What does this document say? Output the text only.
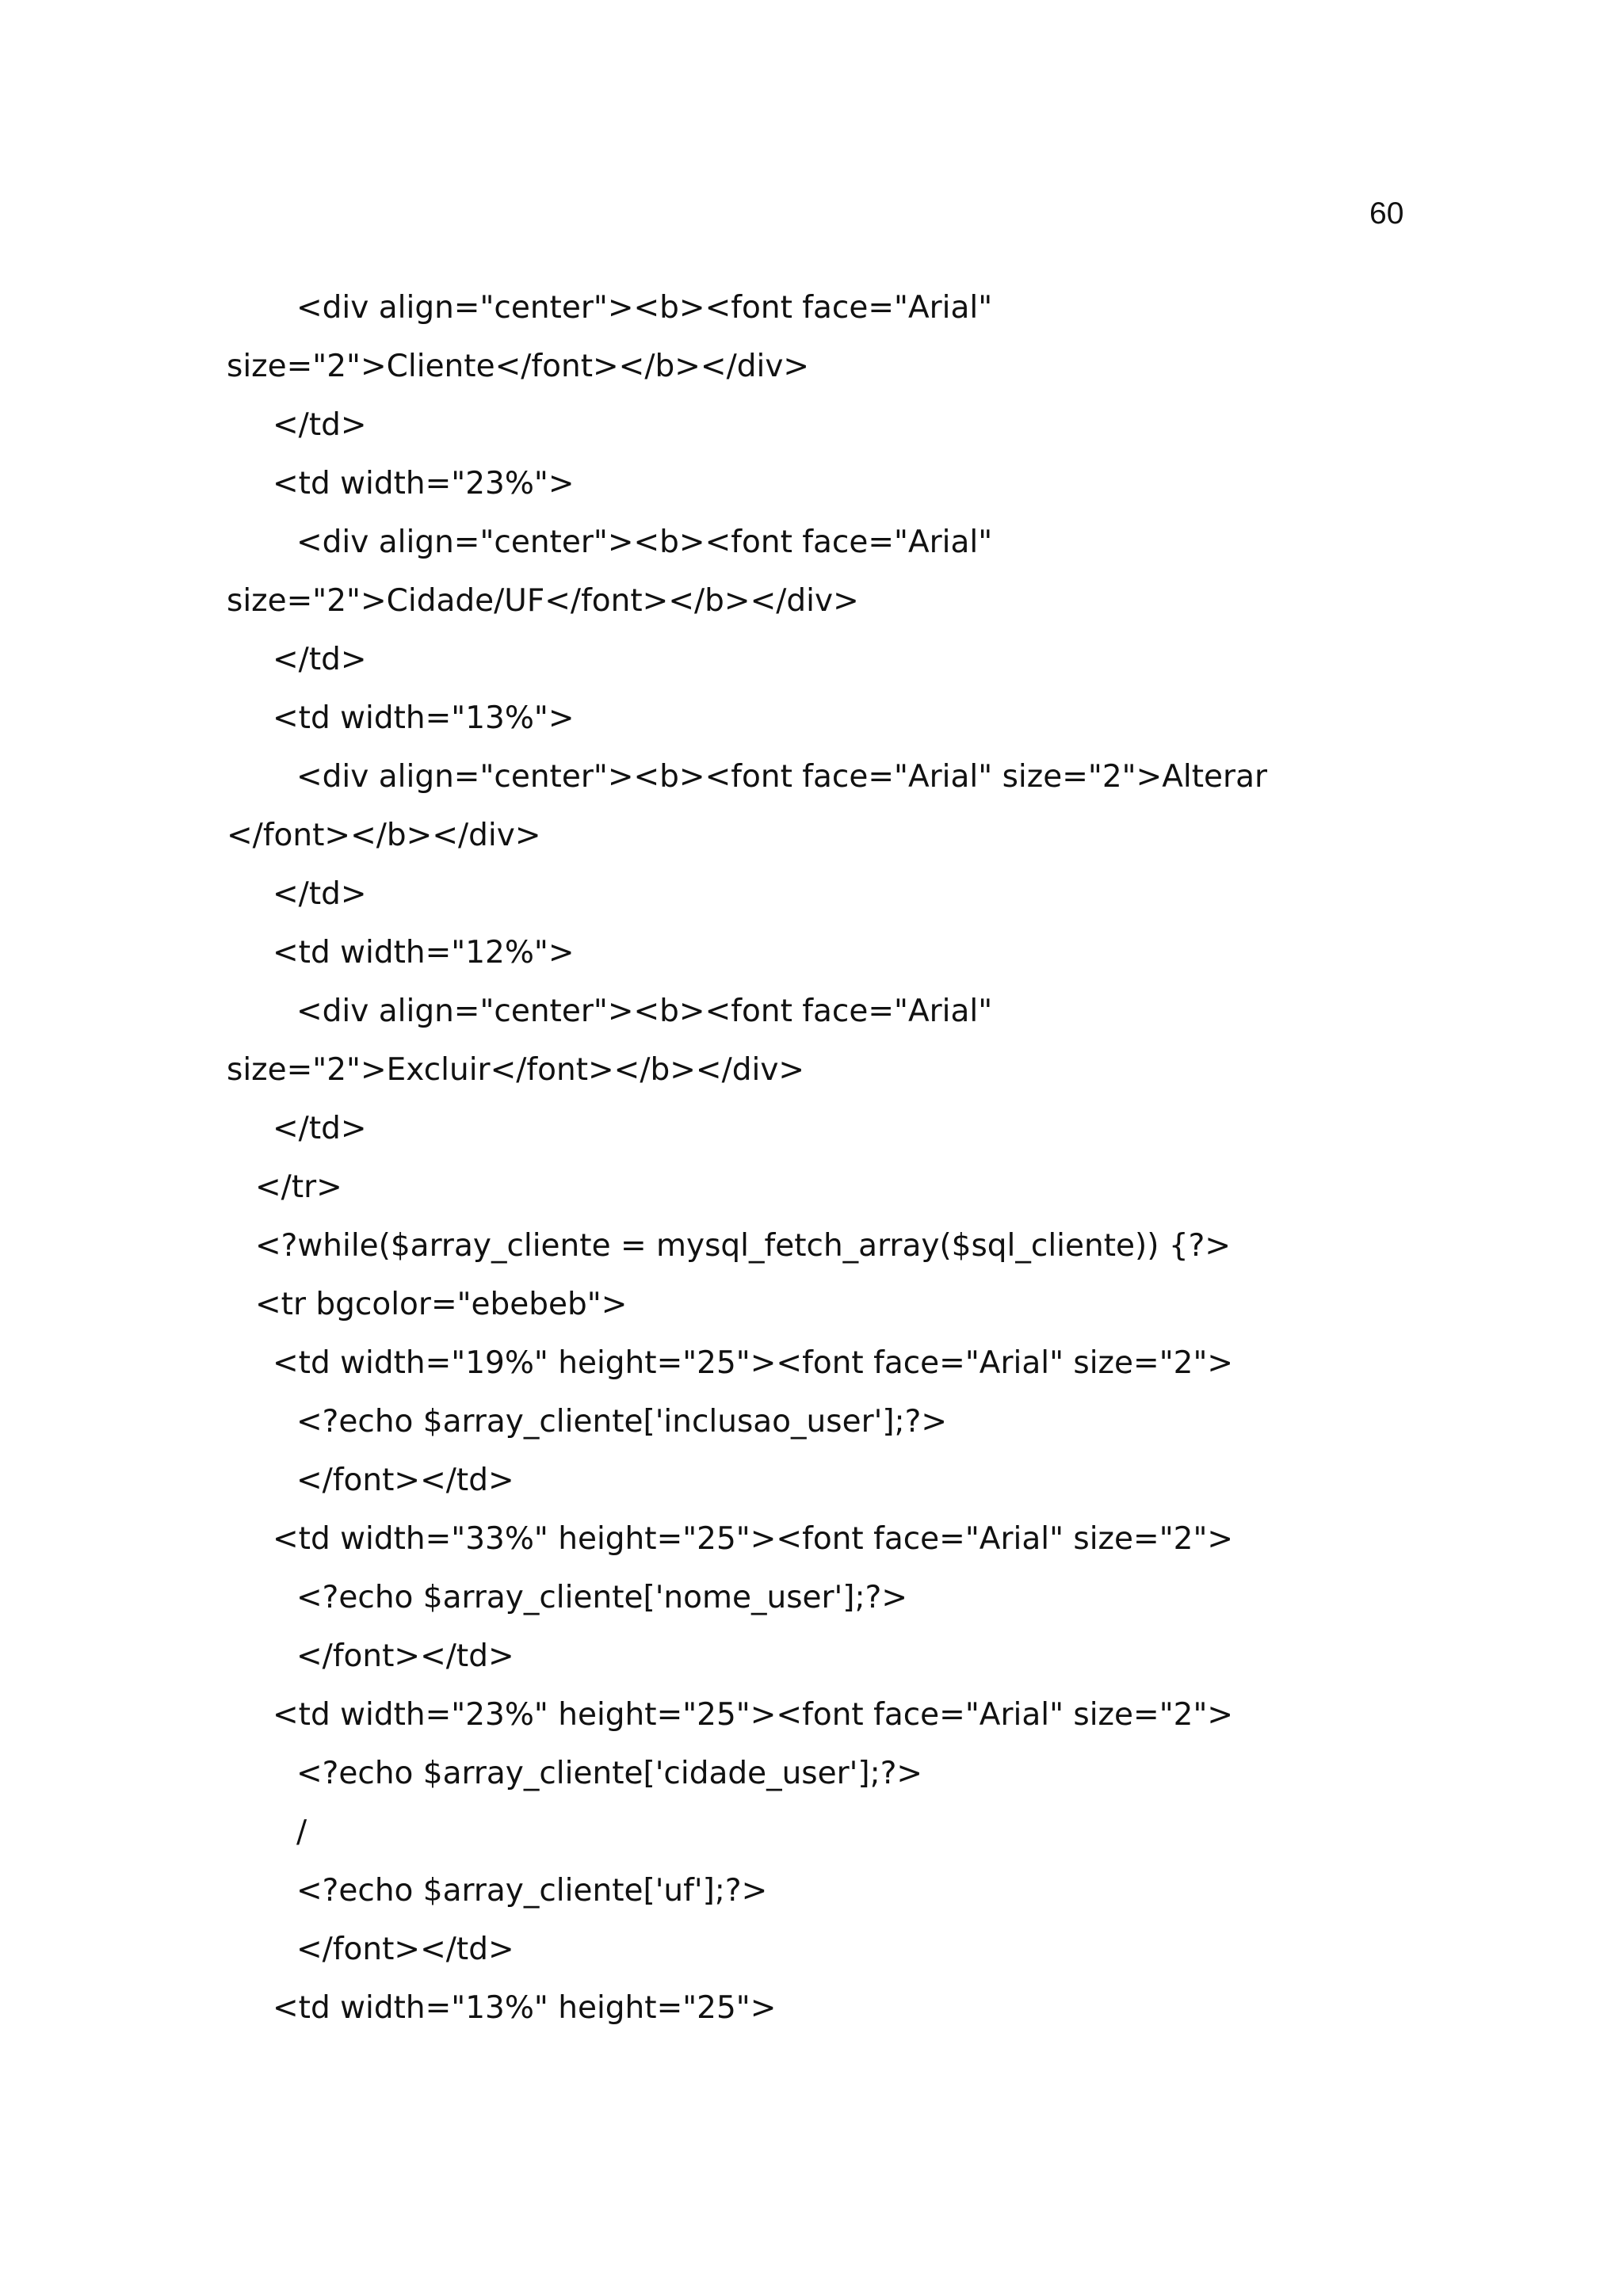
60
<div align="center"><b><font face="Arial"
size="2">Cliente</font></b></div>
</td>
<td width="23%">
<div align="center"><b><font face="Arial"
size="2">Cidade/UF</font></b></div>
</td>
<td width="13%">
<div align="center"><b><font face="Arial" size="2">Alterar
</font></b></div>
</td>
<td width="12%">
<div align="center"><b><font face="Arial"
size="2">Excluir</font></b></div>
</td>
</tr>
<?while($array_cliente = mysql_fetch_array($sql_cliente)) {?>
<tr bgcolor="ebebeb">
<td width="19%" height="25"><font face="Arial" size="2">
<?echo $array_cliente['inclusao_user'];?>
</font></td>
<td width="33%" height="25"><font face="Arial" size="2">
<?echo $array_cliente['nome_user'];?>
</font></td>
<td width="23%" height="25"><font face="Arial" size="2">
<?echo $array_cliente['cidade_user'];?>
/
<?echo $array_cliente['uf'];?>
</font></td>
<td width="13%" height="25">
